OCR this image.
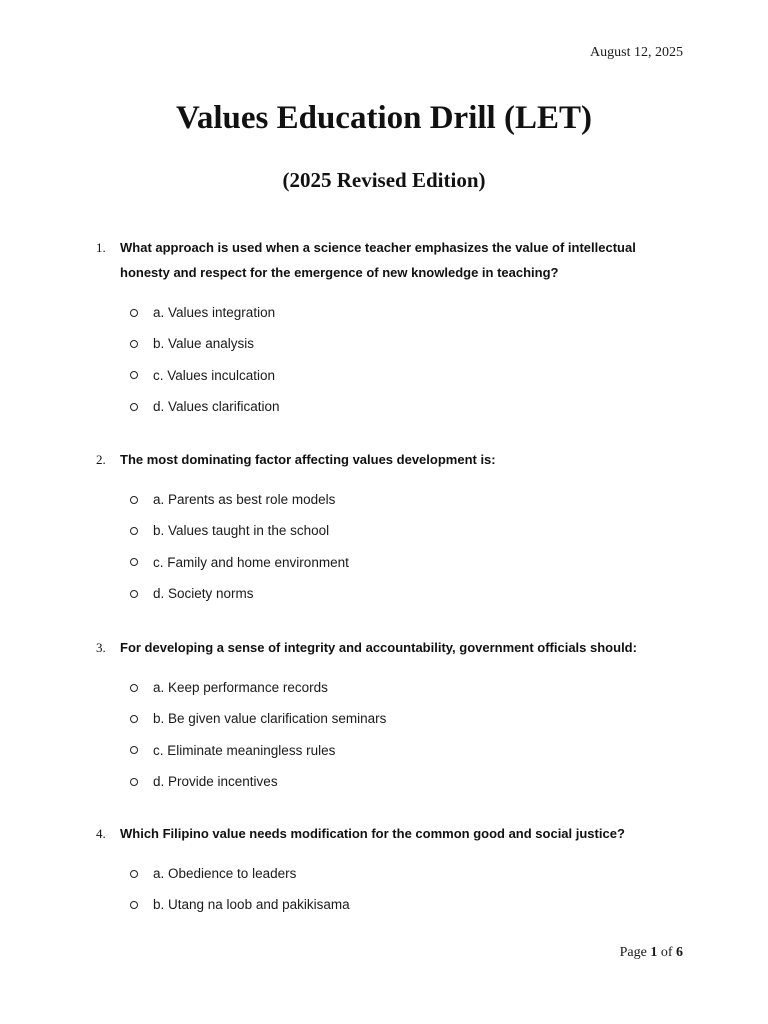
August 12, 2025
Values Education Drill (LET)
(2025 Revised Edition)
1.	What approach is used when a science teacher emphasizes the value of intellectual honesty and respect for the emergence of new knowledge in teaching?
a. Values integration
b. Value analysis
c. Values inculcation
d. Values clarification
2.	The most dominating factor affecting values development is:
a. Parents as best role models
b. Values taught in the school
c. Family and home environment
d. Society norms
3.	For developing a sense of integrity and accountability, government officials should:
a. Keep performance records
b. Be given value clarification seminars
c. Eliminate meaningless rules
d. Provide incentives
4.	Which Filipino value needs modification for the common good and social justice?
a. Obedience to leaders
b. Utang na loob and pakikisama
Page 1 of 6
